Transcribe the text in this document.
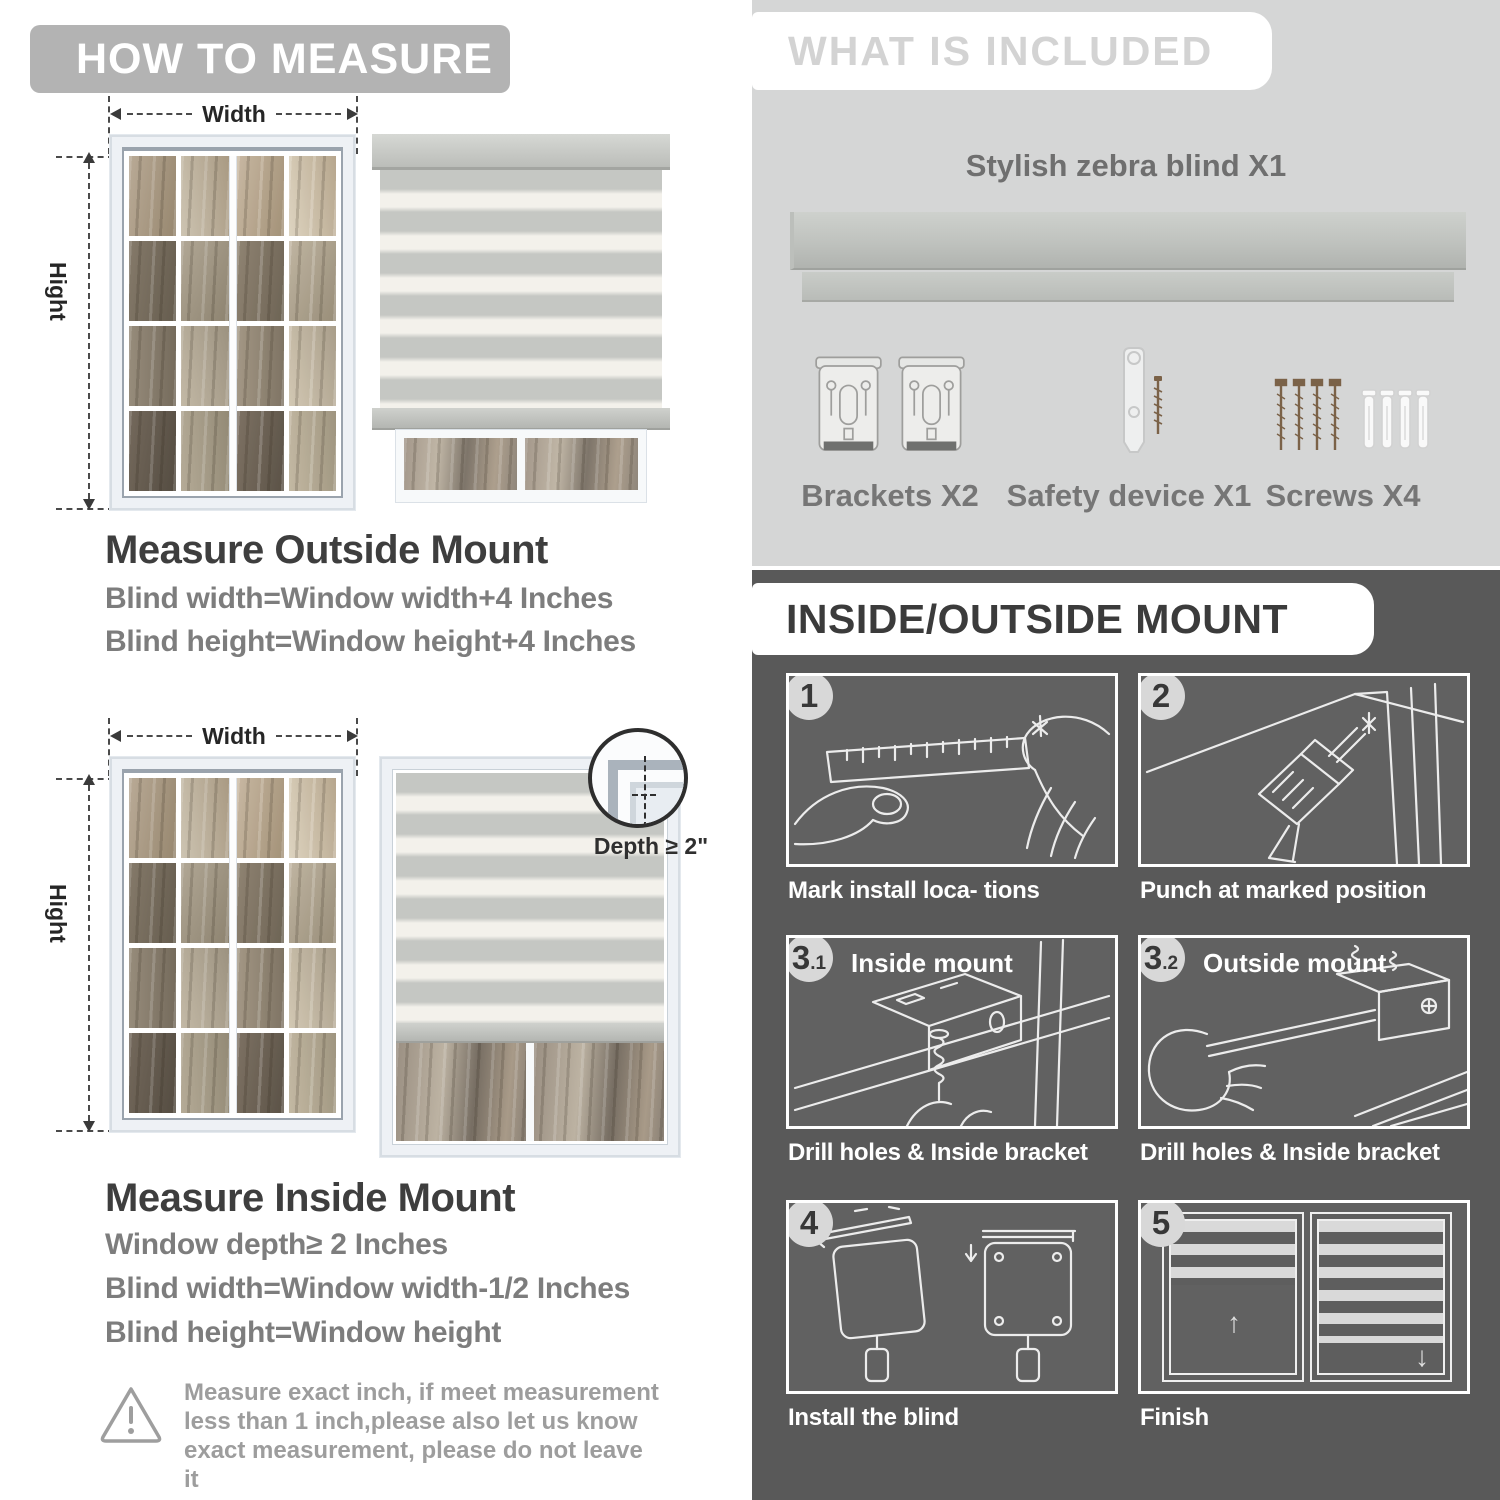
HOW TO MEASURE
Width
Hight
Measure Outside Mount
Blind width=Window width+4 Inches
Blind height=Window height+4 Inches
Width
Hight
Depth ≥ 2"
Measure Inside Mount
Window depth≥ 2 Inches
Blind width=Window width-1/2 Inches
Blind height=Window height
Measure exact inch, if meet measurement less than 1 inch,please also let us know exact measurement, please do not leave it
WHAT IS INCLUDED
Stylish zebra blind X1
Brackets X2 Safety device X1 Screws X4
INSIDE/OUTSIDE MOUNT
1
Mark install loca- tions
2
Punch at marked position
3 .1 Inside mount
Drill holes & Inside bracket
3 .2 Outside mount
Drill holes & Inside bracket
4
Install the blind
↑
↓
5
Finish
